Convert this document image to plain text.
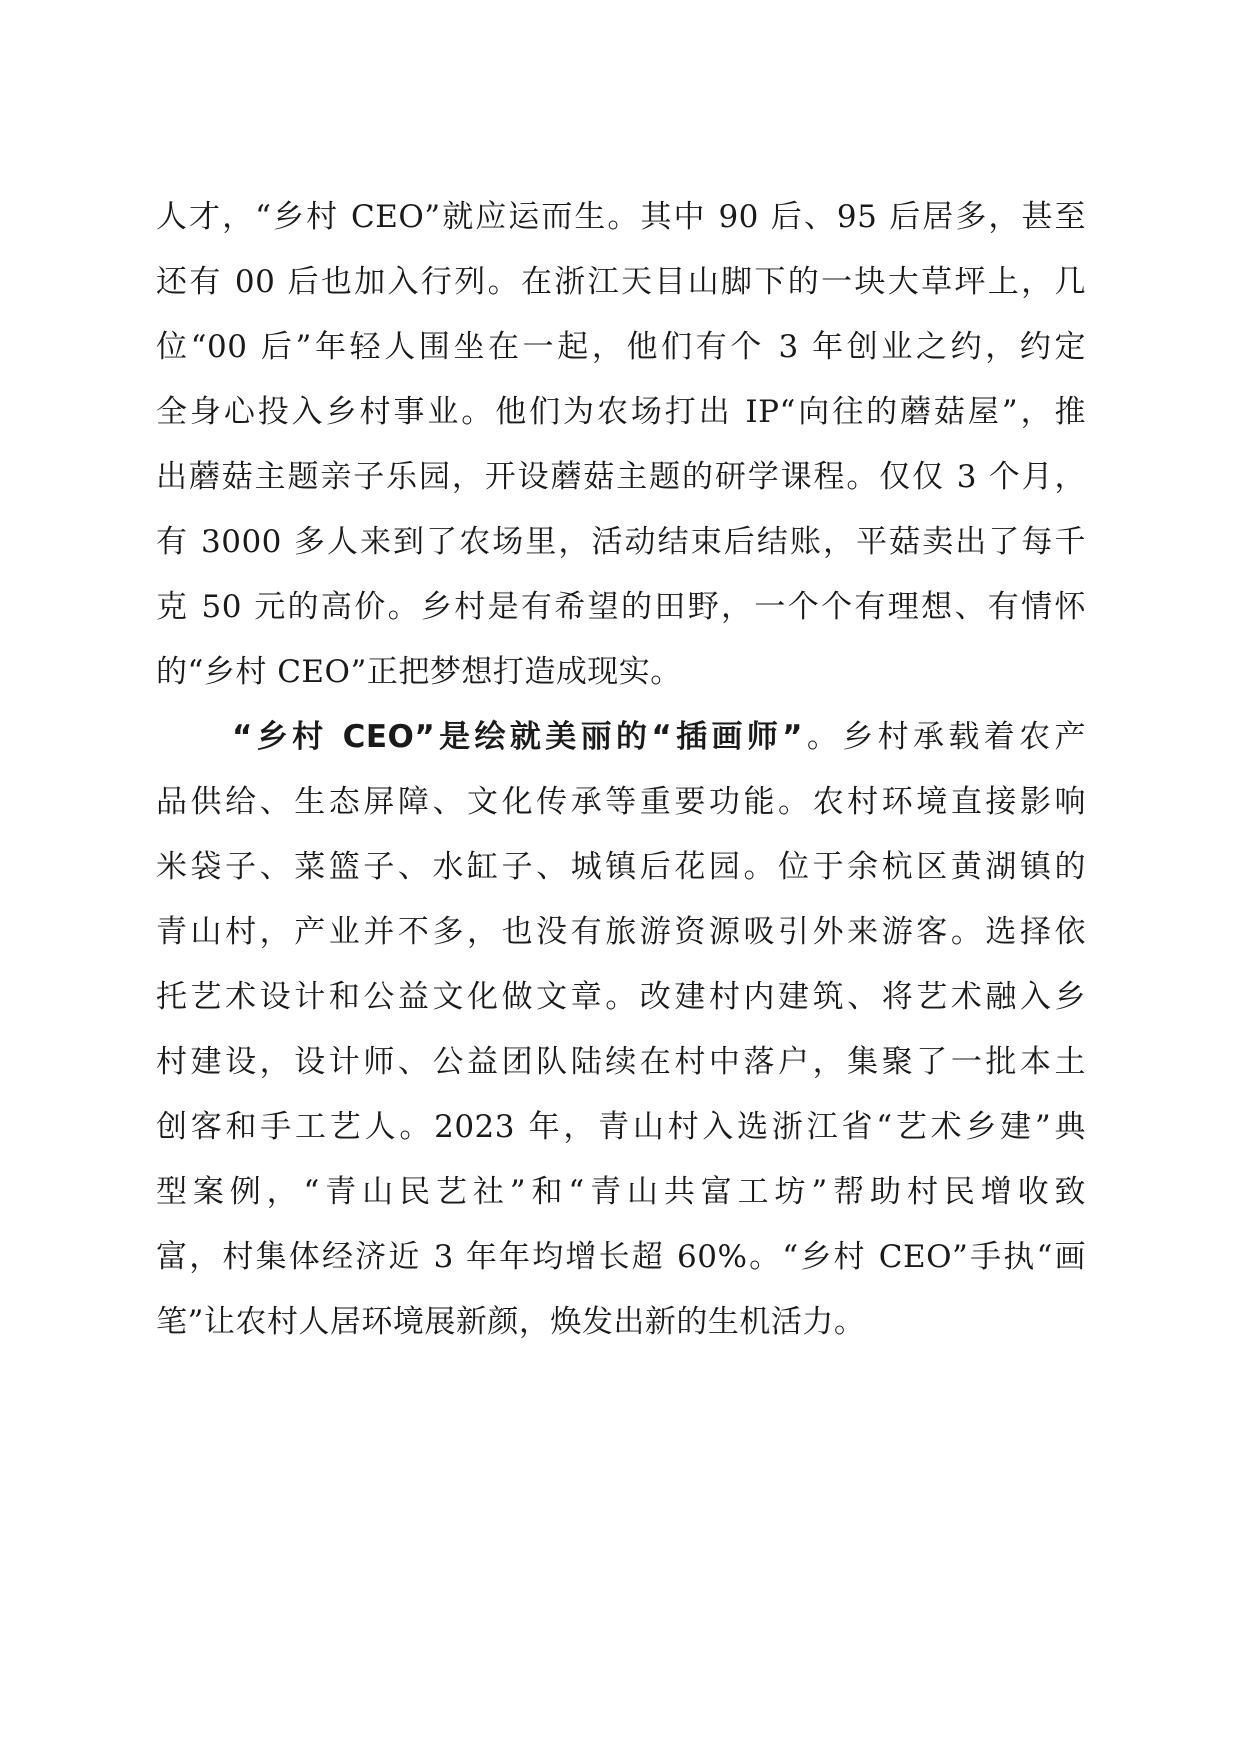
人才，“乡村 CEO”就应运而生。其中 90 后、95 后居多，甚至
还有 00 后也加入行列。在浙江天目山脚下的一块大草坪上，几
位“00 后”年轻人围坐在一起，他们有个 3 年创业之约，约定
全身心投入乡村事业。他们为农场打出 IP“向往的蘑菇屋”，推
出蘑菇主题亲子乐园，开设蘑菇主题的研学课程。仅仅 3 个月，
有 3000 多人来到了农场里，活动结束后结账，平菇卖出了每千
克 50 元的高价。乡村是有希望的田野，一个个有理想、有情怀
的“乡村 CEO”正把梦想打造成现实。
“乡村 CEO”是绘就美丽的“插画师”。乡村承载着农产
品供给、生态屏障、文化传承等重要功能。农村环境直接影响
米袋子、菜篮子、水缸子、城镇后花园。位于余杭区黄湖镇的
青山村，产业并不多，也没有旅游资源吸引外来游客。选择依
托艺术设计和公益文化做文章。改建村内建筑、将艺术融入乡
村建设，设计师、公益团队陆续在村中落户，集聚了一批本土
创客和手工艺人。2023 年，青山村入选浙江省“艺术乡建”典
型案例，“青山民艺社”和“青山共富工坊”帮助村民增收致
富，村集体经济近 3 年年均增长超 60%。“乡村 CEO”手执“画
笔”让农村人居环境展新颜，焕发出新的生机活力。
